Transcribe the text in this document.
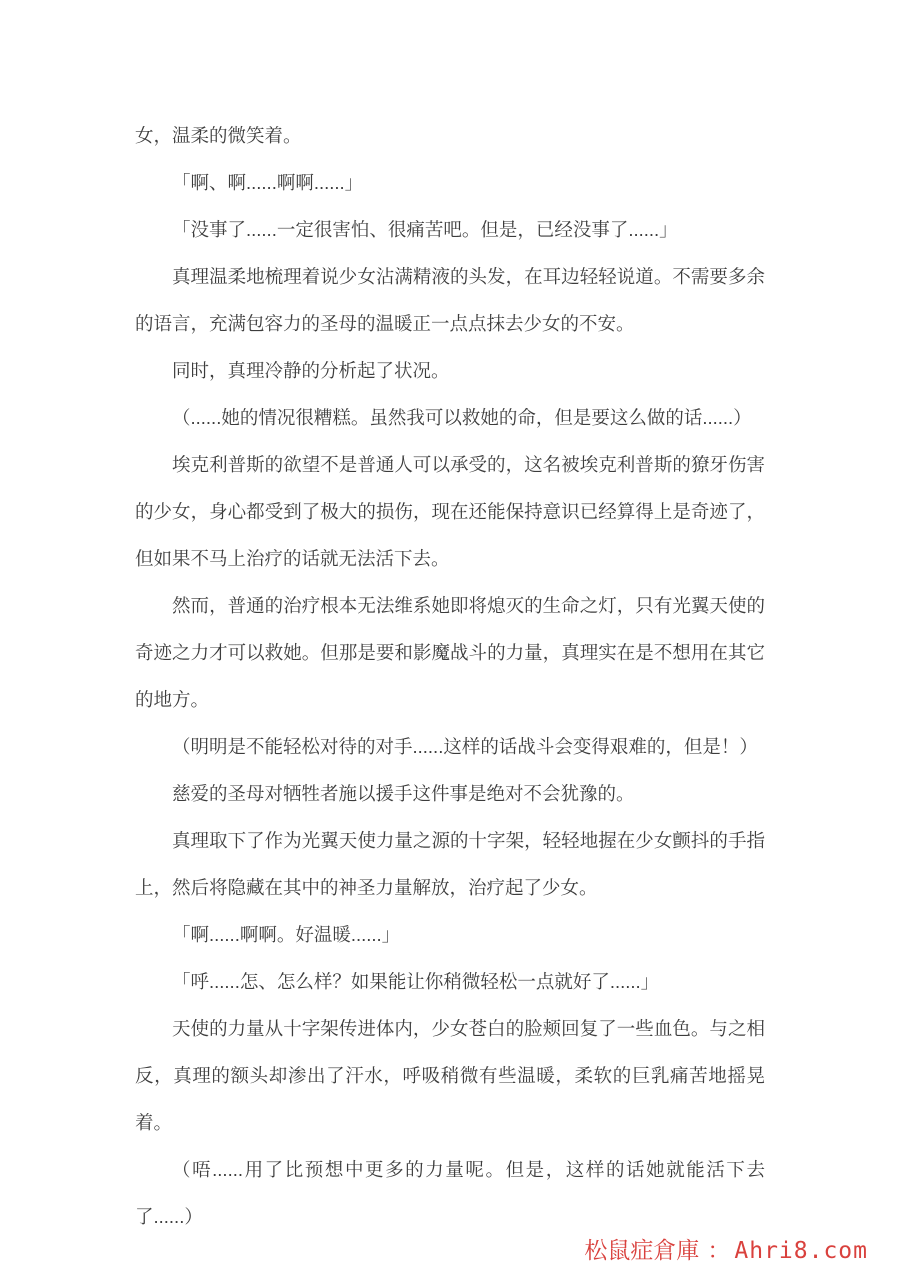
女，温柔的微笑着。

「啊、啊......啊啊......」

「没事了......一定很害怕、很痛苦吧。但是，已经没事了......」

真理温柔地梳理着说少女沾满精液的头发，在耳边轻轻说道。不需要多余的语言，充满包容力的圣母的温暖正一点点抹去少女的不安。

同时，真理冷静的分析起了状况。

（......她的情况很糟糕。虽然我可以救她的命，但是要这么做的话......）

埃克利普斯的欲望不是普通人可以承受的，这名被埃克利普斯的獠牙伤害的少女，身心都受到了极大的损伤，现在还能保持意识已经算得上是奇迹了，但如果不马上治疗的话就无法活下去。

然而，普通的治疗根本无法维系她即将熄灭的生命之灯，只有光翼天使的奇迹之力才可以救她。但那是要和影魔战斗的力量，真理实在是不想用在其它的地方。

（明明是不能轻松对待的对手......这样的话战斗会变得艰难的，但是！）

慈爱的圣母对牺牲者施以援手这件事是绝对不会犹豫的。

真理取下了作为光翼天使力量之源的十字架，轻轻地握在少女颤抖的手指上，然后将隐藏在其中的神圣力量解放，治疗起了少女。

「啊......啊啊。好温暖......」

「呼......怎、怎么样？如果能让你稍微轻松一点就好了......」

天使的力量从十字架传进体内，少女苍白的脸颊回复了一些血色。与之相反，真理的额头却渗出了汗水，呼吸稍微有些温暖，柔软的巨乳痛苦地摇晃着。

（唔......用了比预想中更多的力量呢。但是，这样的话她就能活下去了......）

松鼠症倉庫 ： Ahri8.com
